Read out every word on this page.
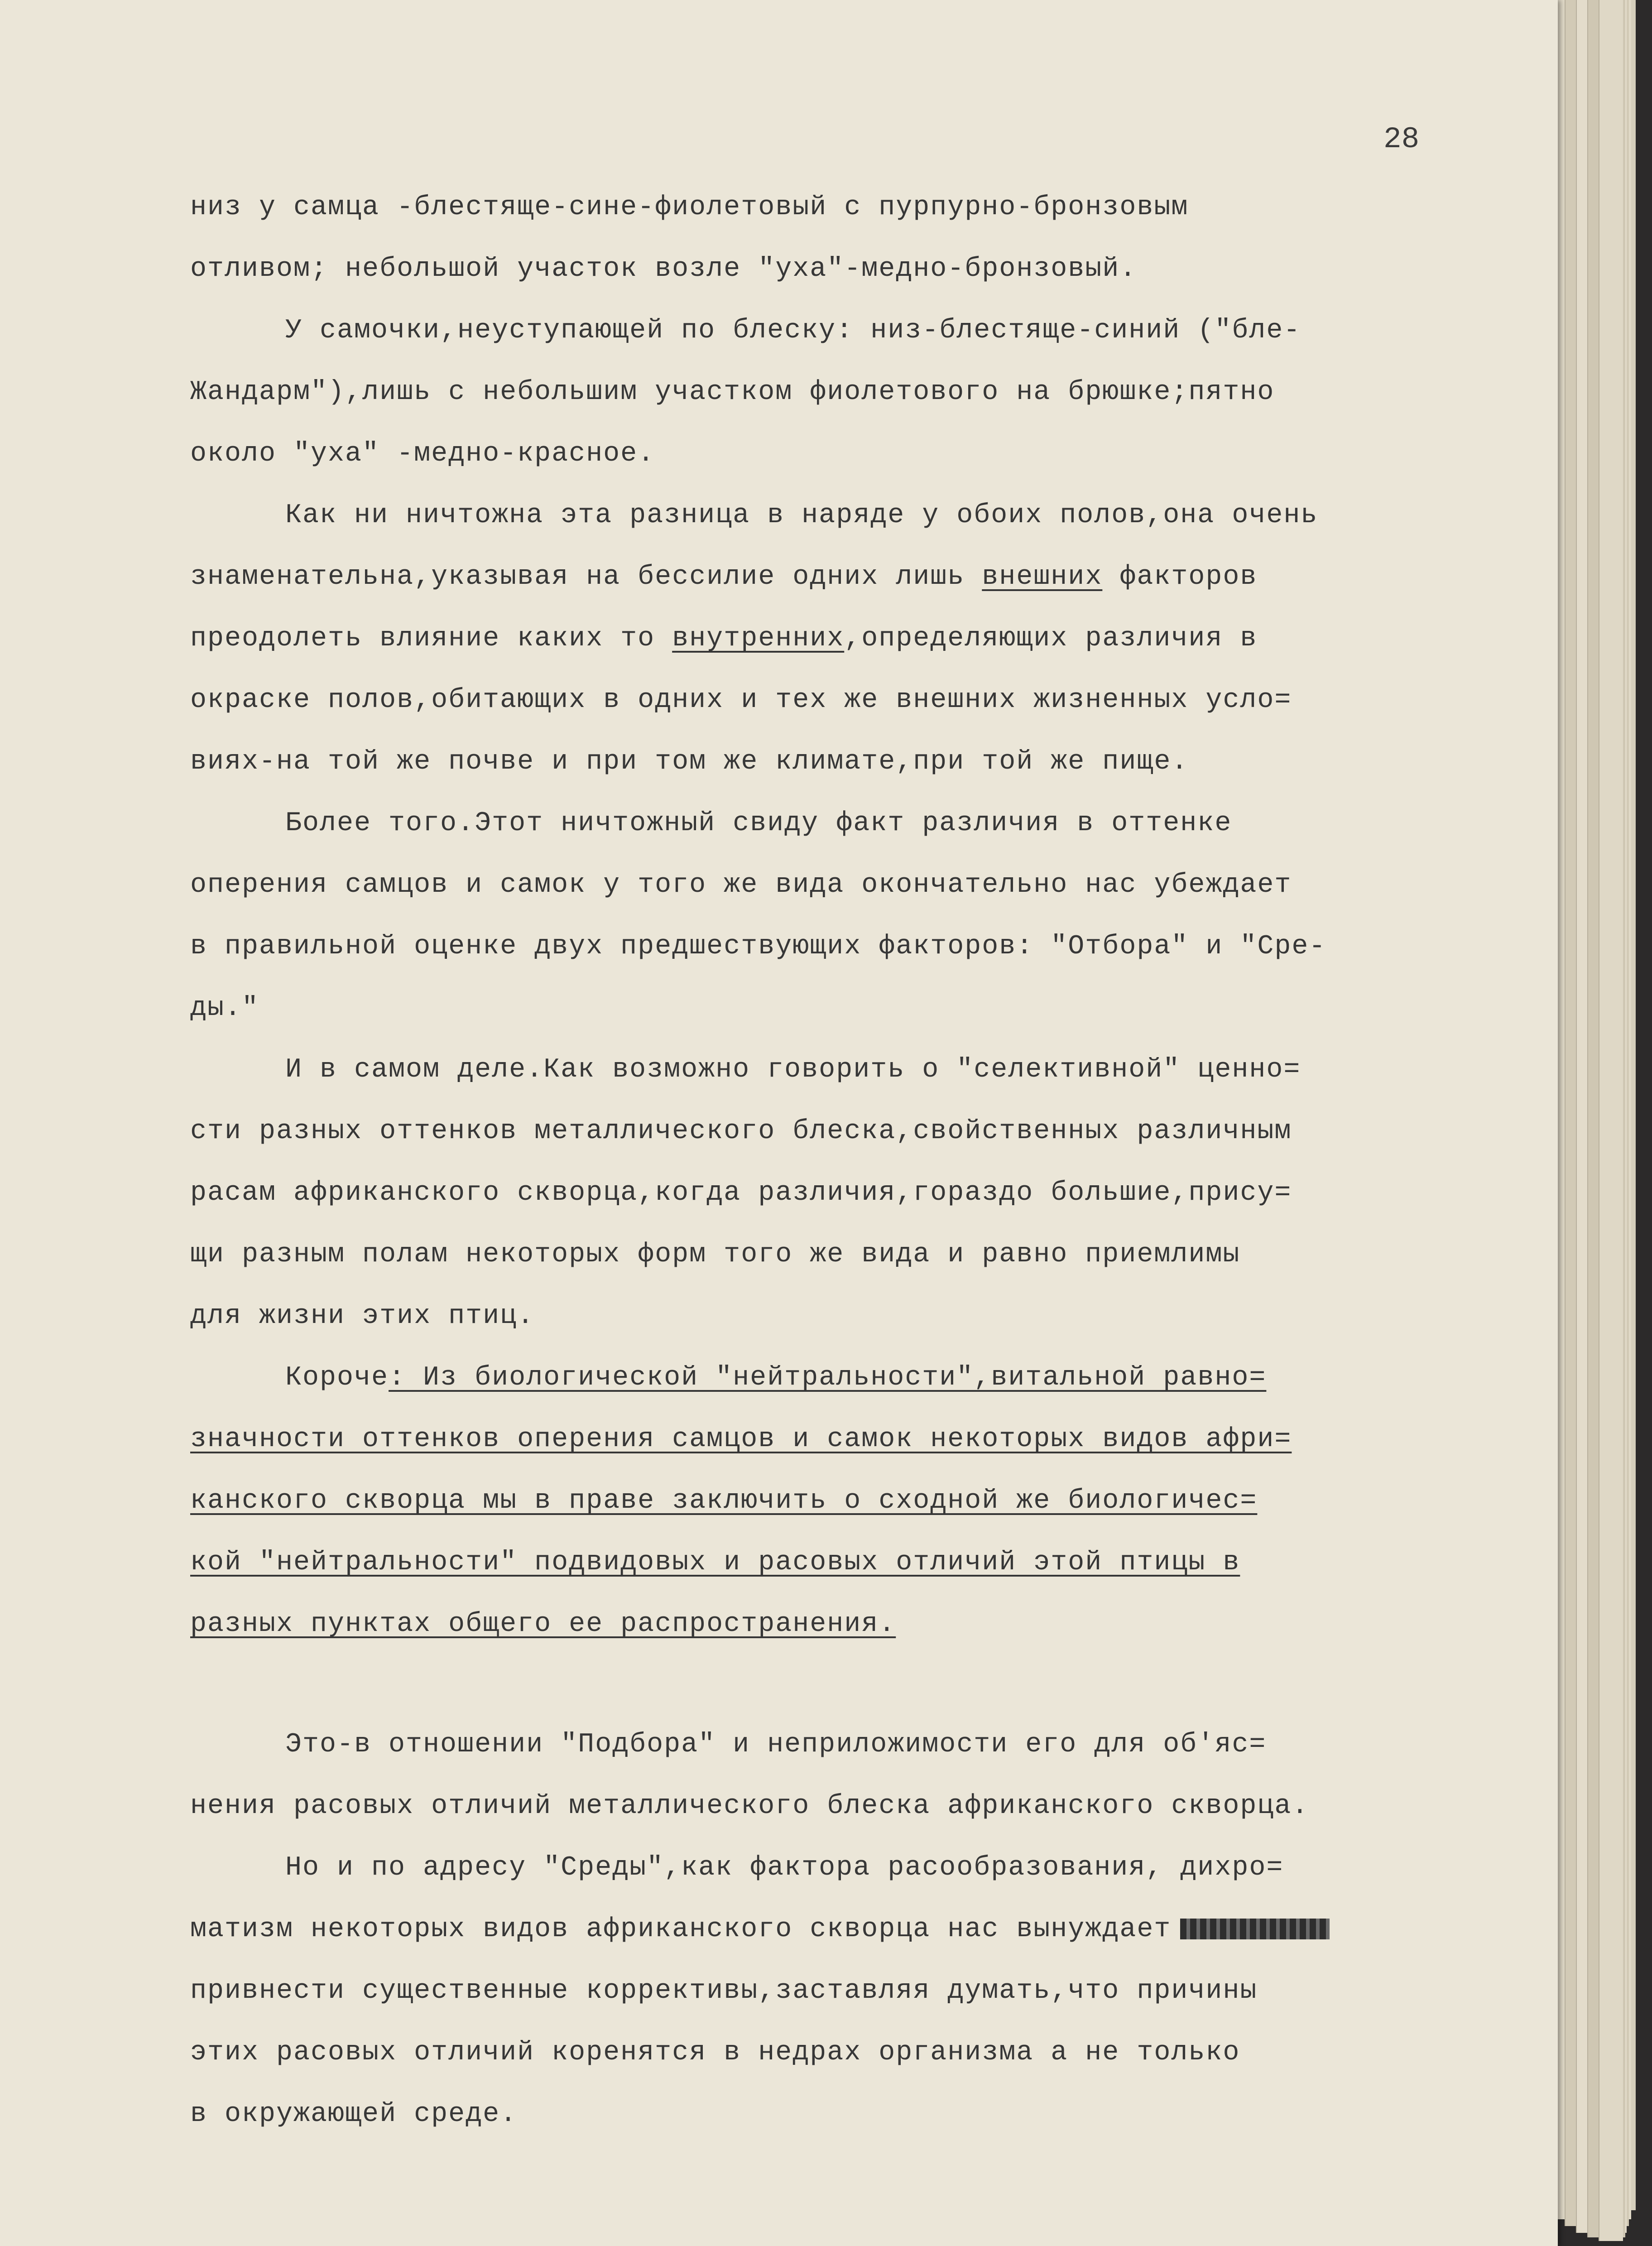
28
низ у самца -блестяще-сине-фиолетовый с пурпурно-бронзовым
отливом; небольшой участок возле "уха"-медно-бронзовый.
У самочки,неуступающей по блеску: низ-блестяще-синий ("бле-
Жандарм"),лишь с небольшим участком фиолетового на брюшке;пятно
около "уха" -медно-красное.
Как ни ничтожна эта разница в наряде у обоих полов,она очень
знаменательна,указывая на бессилие одних лишь внешних факторов
преодолеть влияние каких то внутренних,определяющих различия в
окраске полов,обитающих в одних и тех же внешних жизненных усло=
виях-на той же почве и при том же климате,при той же пище.
Более того.Этот ничтожный свиду факт различия в оттенке
оперения самцов и самок у того же вида окончательно нас убеждает
в правильной оценке двух предшествующих факторов: "Отбора" и "Сре-
ды."
И в самом деле.Как возможно говорить о "селективной" ценно=
сти разных оттенков металлического блеска,свойственных различным
расам африканского скворца,когда различия,гораздо большие,прису=
щи разным полам некоторых форм того же вида и равно приемлимы
для жизни этих птиц.
Короче: Из биологической "нейтральности",витальной равно=
значности оттенков оперения самцов и самок некоторых видов афри=
канского скворца мы в праве заключить о сходной же биологичес=
кой "нейтральности" подвидовых и расовых отличий этой птицы в
разных пунктах общего ее распространения.
Это-в отношении "Подбора" и неприложимости его для об'яс=
нения расовых отличий металлического блеска африканского скворца.
Но и по адресу "Среды",как фактора расообразования, дихро=
матизм некоторых видов африканского скворца нас вынуждает
привнести существенные коррективы,заставляя думать,что причины
этих расовых отличий коренятся в недрах организма а не только
в окружающей среде.
